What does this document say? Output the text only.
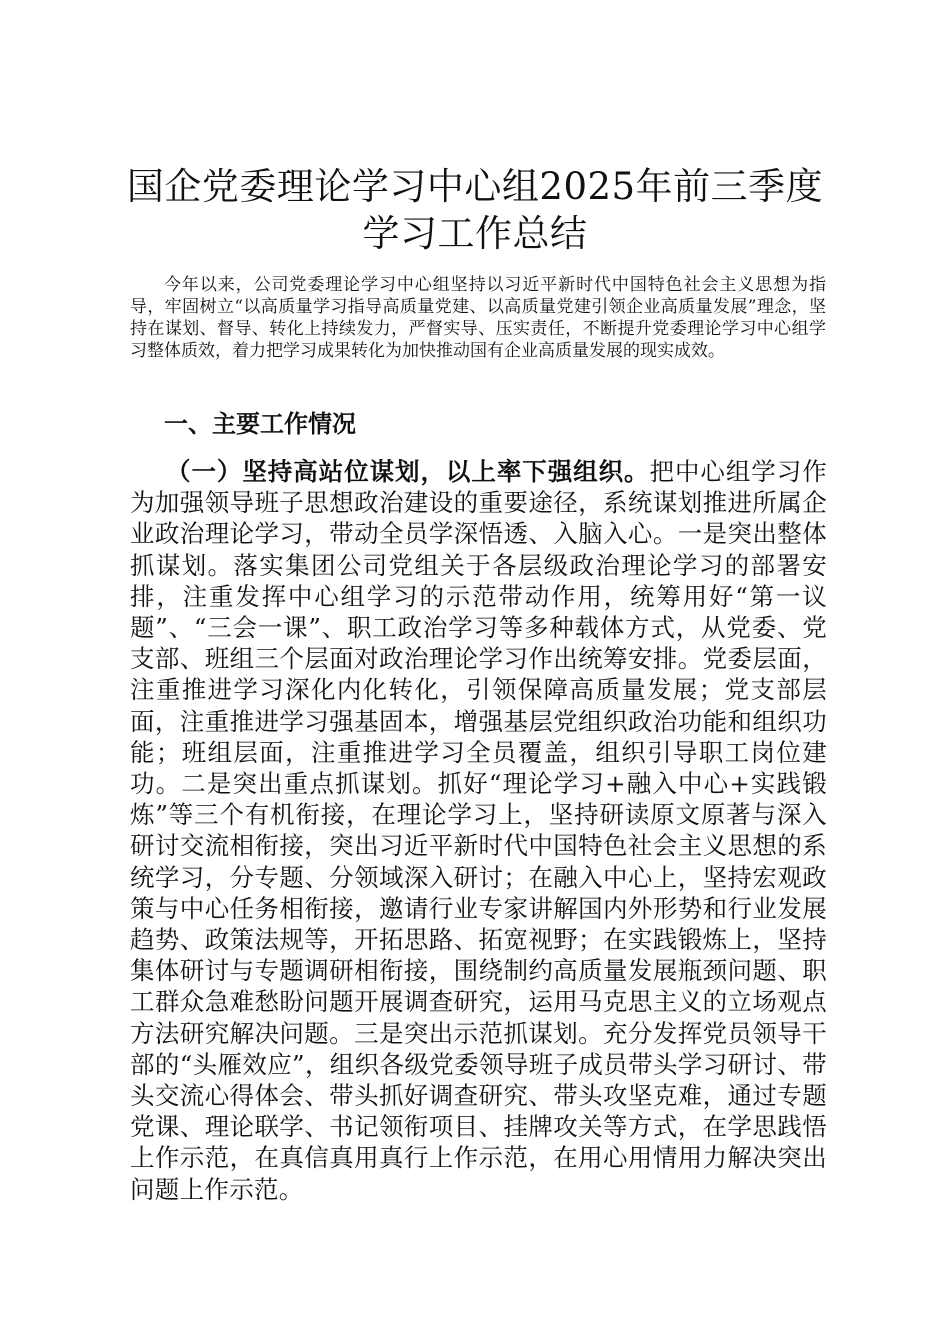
国企党委理论学习中心组2025年前三季度学习工作总结

今年以来，公司党委理论学习中心组坚持以习近平新时代中国特色社会主义思想为指导，牢固树立“以高质量学习指导高质量党建、以高质量党建引领企业高质量发展”理念，坚持在谋划、督导、转化上持续发力，严督实导、压实责任，不断提升党委理论学习中心组学习整体质效，着力把学习成果转化为加快推动国有企业高质量发展的现实成效。

一、主要工作情况

（一）坚持高站位谋划，以上率下强组织。把中心组学习作为加强领导班子思想政治建设的重要途径，系统谋划推进所属企业政治理论学习，带动全员学深悟透、入脑入心。一是突出整体抓谋划。落实集团公司党组关于各层级政治理论学习的部署安排，注重发挥中心组学习的示范带动作用，统筹用好“第一议题”、“三会一课”、职工政治学习等多种载体方式，从党委、党支部、班组三个层面对政治理论学习作出统筹安排。党委层面，注重推进学习深化内化转化，引领保障高质量发展；党支部层面，注重推进学习强基固本，增强基层党组织政治功能和组织功能；班组层面，注重推进学习全员覆盖，组织引导职工岗位建功。二是突出重点抓谋划。抓好“理论学习+融入中心+实践锻炼”等三个有机衔接，在理论学习上，坚持研读原文原著与深入研讨交流相衔接，突出习近平新时代中国特色社会主义思想的系统学习，分专题、分领域深入研讨；在融入中心上，坚持宏观政策与中心任务相衔接，邀请行业专家讲解国内外形势和行业发展趋势、政策法规等，开拓思路、拓宽视野；在实践锻炼上，坚持集体研讨与专题调研相衔接，围绕制约高质量发展瓶颈问题、职工群众急难愁盼问题开展调查研究，运用马克思主义的立场观点方法研究解决问题。三是突出示范抓谋划。充分发挥党员领导干部的“头雁效应”，组织各级党委领导班子成员带头学习研讨、带头交流心得体会、带头抓好调查研究、带头攻坚克难，通过专题党课、理论联学、书记领衔项目、挂牌攻关等方式，在学思践悟上作示范，在真信真用真行上作示范，在用心用情用力解决突出问题上作示范。
